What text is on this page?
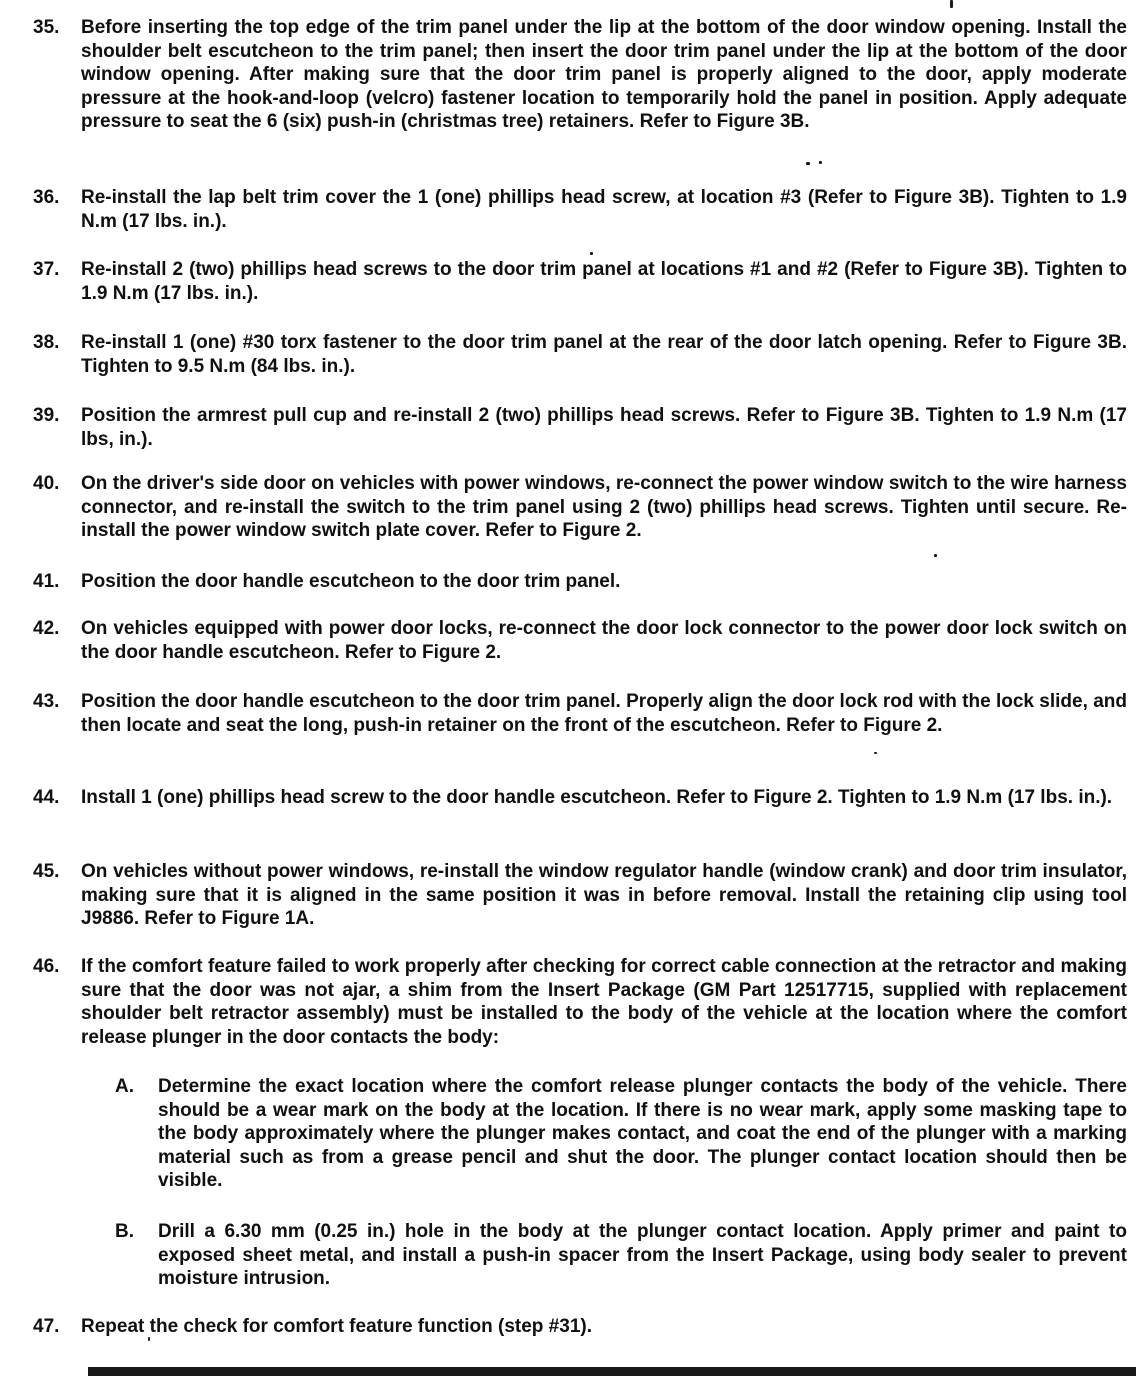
35.	Before inserting the top edge of the trim panel under the lip at the bottom of the door window opening. Install the shoulder belt escutcheon to the trim panel; then insert the door trim panel under the lip at the bottom of the door window opening. After making sure that the door trim panel is properly aligned to the door, apply moderate pressure at the hook-and-loop (velcro) fastener location to temporarily hold the panel in position. Apply adequate pressure to seat the 6 (six) push-in (christmas tree) retainers. Refer to Figure 3B.
36.	Re-install the lap belt trim cover the 1 (one) phillips head screw, at location #3 (Refer to Figure 3B). Tighten to 1.9 N.m (17 lbs. in.).
37.	Re-install 2 (two) phillips head screws to the door trim panel at locations #1 and #2 (Refer to Figure 3B). Tighten to 1.9 N.m (17 lbs. in.).
38.	Re-install 1 (one) #30 torx fastener to the door trim panel at the rear of the door latch opening. Refer to Figure 3B. Tighten to 9.5 N.m (84 lbs. in.).
39.	Position the armrest pull cup and re-install 2 (two) phillips head screws. Refer to Figure 3B. Tighten to 1.9 N.m (17 lbs, in.).
40.	On the driver's side door on vehicles with power windows, re-connect the power window switch to the wire harness connector, and re-install the switch to the trim panel using 2 (two) phillips head screws. Tighten until secure. Re-install the power window switch plate cover. Refer to Figure 2.
41.	Position the door handle escutcheon to the door trim panel.
42.	On vehicles equipped with power door locks, re-connect the door lock connector to the power door lock switch on the door handle escutcheon. Refer to Figure 2.
43.	Position the door handle escutcheon to the door trim panel. Properly align the door lock rod with the lock slide, and then locate and seat the long, push-in retainer on the front of the escutcheon. Refer to Figure 2.
44.	Install 1 (one) phillips head screw to the door handle escutcheon. Refer to Figure 2. Tighten to 1.9 N.m (17 lbs. in.).
45.	On vehicles without power windows, re-install the window regulator handle (window crank) and door trim insulator, making sure that it is aligned in the same position it was in before removal. Install the retaining clip using tool J9886. Refer to Figure 1A.
46.	If the comfort feature failed to work properly after checking for correct cable connection at the retractor and making sure that the door was not ajar, a shim from the Insert Package (GM Part 12517715, supplied with replacement shoulder belt retractor assembly) must be installed to the body of the vehicle at the location where the comfort release plunger in the door contacts the body:
A.	Determine the exact location where the comfort release plunger contacts the body of the vehicle. There should be a wear mark on the body at the location. If there is no wear mark, apply some masking tape to the body approximately where the plunger makes contact, and coat the end of the plunger with a marking material such as from a grease pencil and shut the door. The plunger contact location should then be visible.
B.	Drill a 6.30 mm (0.25 in.) hole in the body at the plunger contact location. Apply primer and paint to exposed sheet metal, and install a push-in spacer from the Insert Package, using body sealer to prevent moisture intrusion.
47.	Repeat the check for comfort feature function (step #31).
